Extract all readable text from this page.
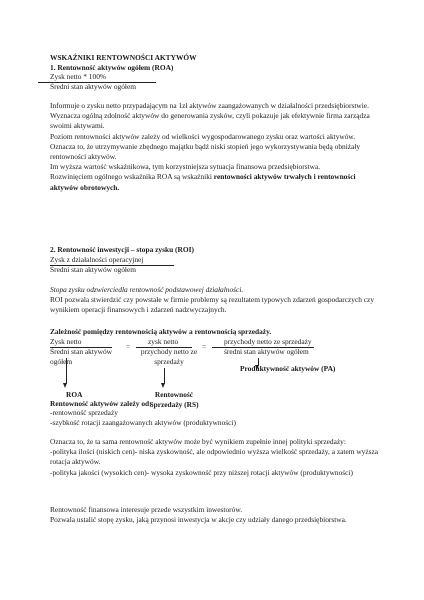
WSKAŹNIKI RENTOWNOŚCI AKTYWÓW
1. Rentowność aktywów ogółem (ROA)
Zysk netto * 100%
Średni stan aktywów ogółem
Informuje o zysku netto przypadającym na 1zł aktywów zaangażowanych w działalności przedsiębiorstwie.
Wyznacza ogólną zdolność aktywów do generowania zysków, czyli pokazuje jak efektywnie firma zarządza swoimi aktywami.
Poziom rentowności aktywów zależy od wielkości wygospodarowanego zysku oraz wartości aktywów.
Oznacza to, że utrzymywanie zbędnego majątku bądź niski stopień jego wykorzystywania będą obniżały rentowności aktywów.
Im wyższa wartość wskaźnikowa, tym korzystniejsza sytuacja finansowa przedsiębiorstwa.
Rozwinięciem ogólnego wskaźnika ROA są wskaźniki rentowności aktywów trwałych i rentowności aktywów obrotowych.
2. Rentowność inwestycji – stopa zysku (ROI)
Zysk z działalności operacyjnej
Średni stan aktywów ogółem
Stopa zysku odzwierciedla rentowność podstawowej działalności.
ROI pozwala stwierdzić czy powstałe w firmie problemy są rezultatem typowych zdarzeń gospodarczych czy wynikiem operacji finansowych i zdarzeń nadzwyczajnych.
Zależność pomiędzy rentownością aktywów a rentownością sprzedaży.
Zysk netto
Średni stan aktywów ogółem
=
zysk netto
przychody netto ze sprzedaży
=
przychody netto ze sprzedaży
średni stan aktywów ogółem
Produktywność aktywów (PA)
ROA	Rentowność Sprzedaży (RS)
Rentowność aktywów zależy od:
-rentowność sprzedaży
-szybkość rotacji zaangażowanych aktywów (produktywności)
Oznacza to, że ta sama rentowność aktywów może być wynikiem zupełnie innej polityki sprzedaży:
-polityka ilości (niskich cen)- niska zyskowność, ale odpowiednio wyższa wielkość sprzedaży, a zatem wyższa rotacja aktywów.
-polityka jakości (wysokich cen)- wysoka zyskowność przy niższej rotacji aktywów (produktywności)
Rentowność finansowa interesuje przede wszystkim inwestorów.
Pozwala ustalić stopę zysku, jaką przynosi inwestycja w akcje czy udziały danego przedsiębiorstwa.
